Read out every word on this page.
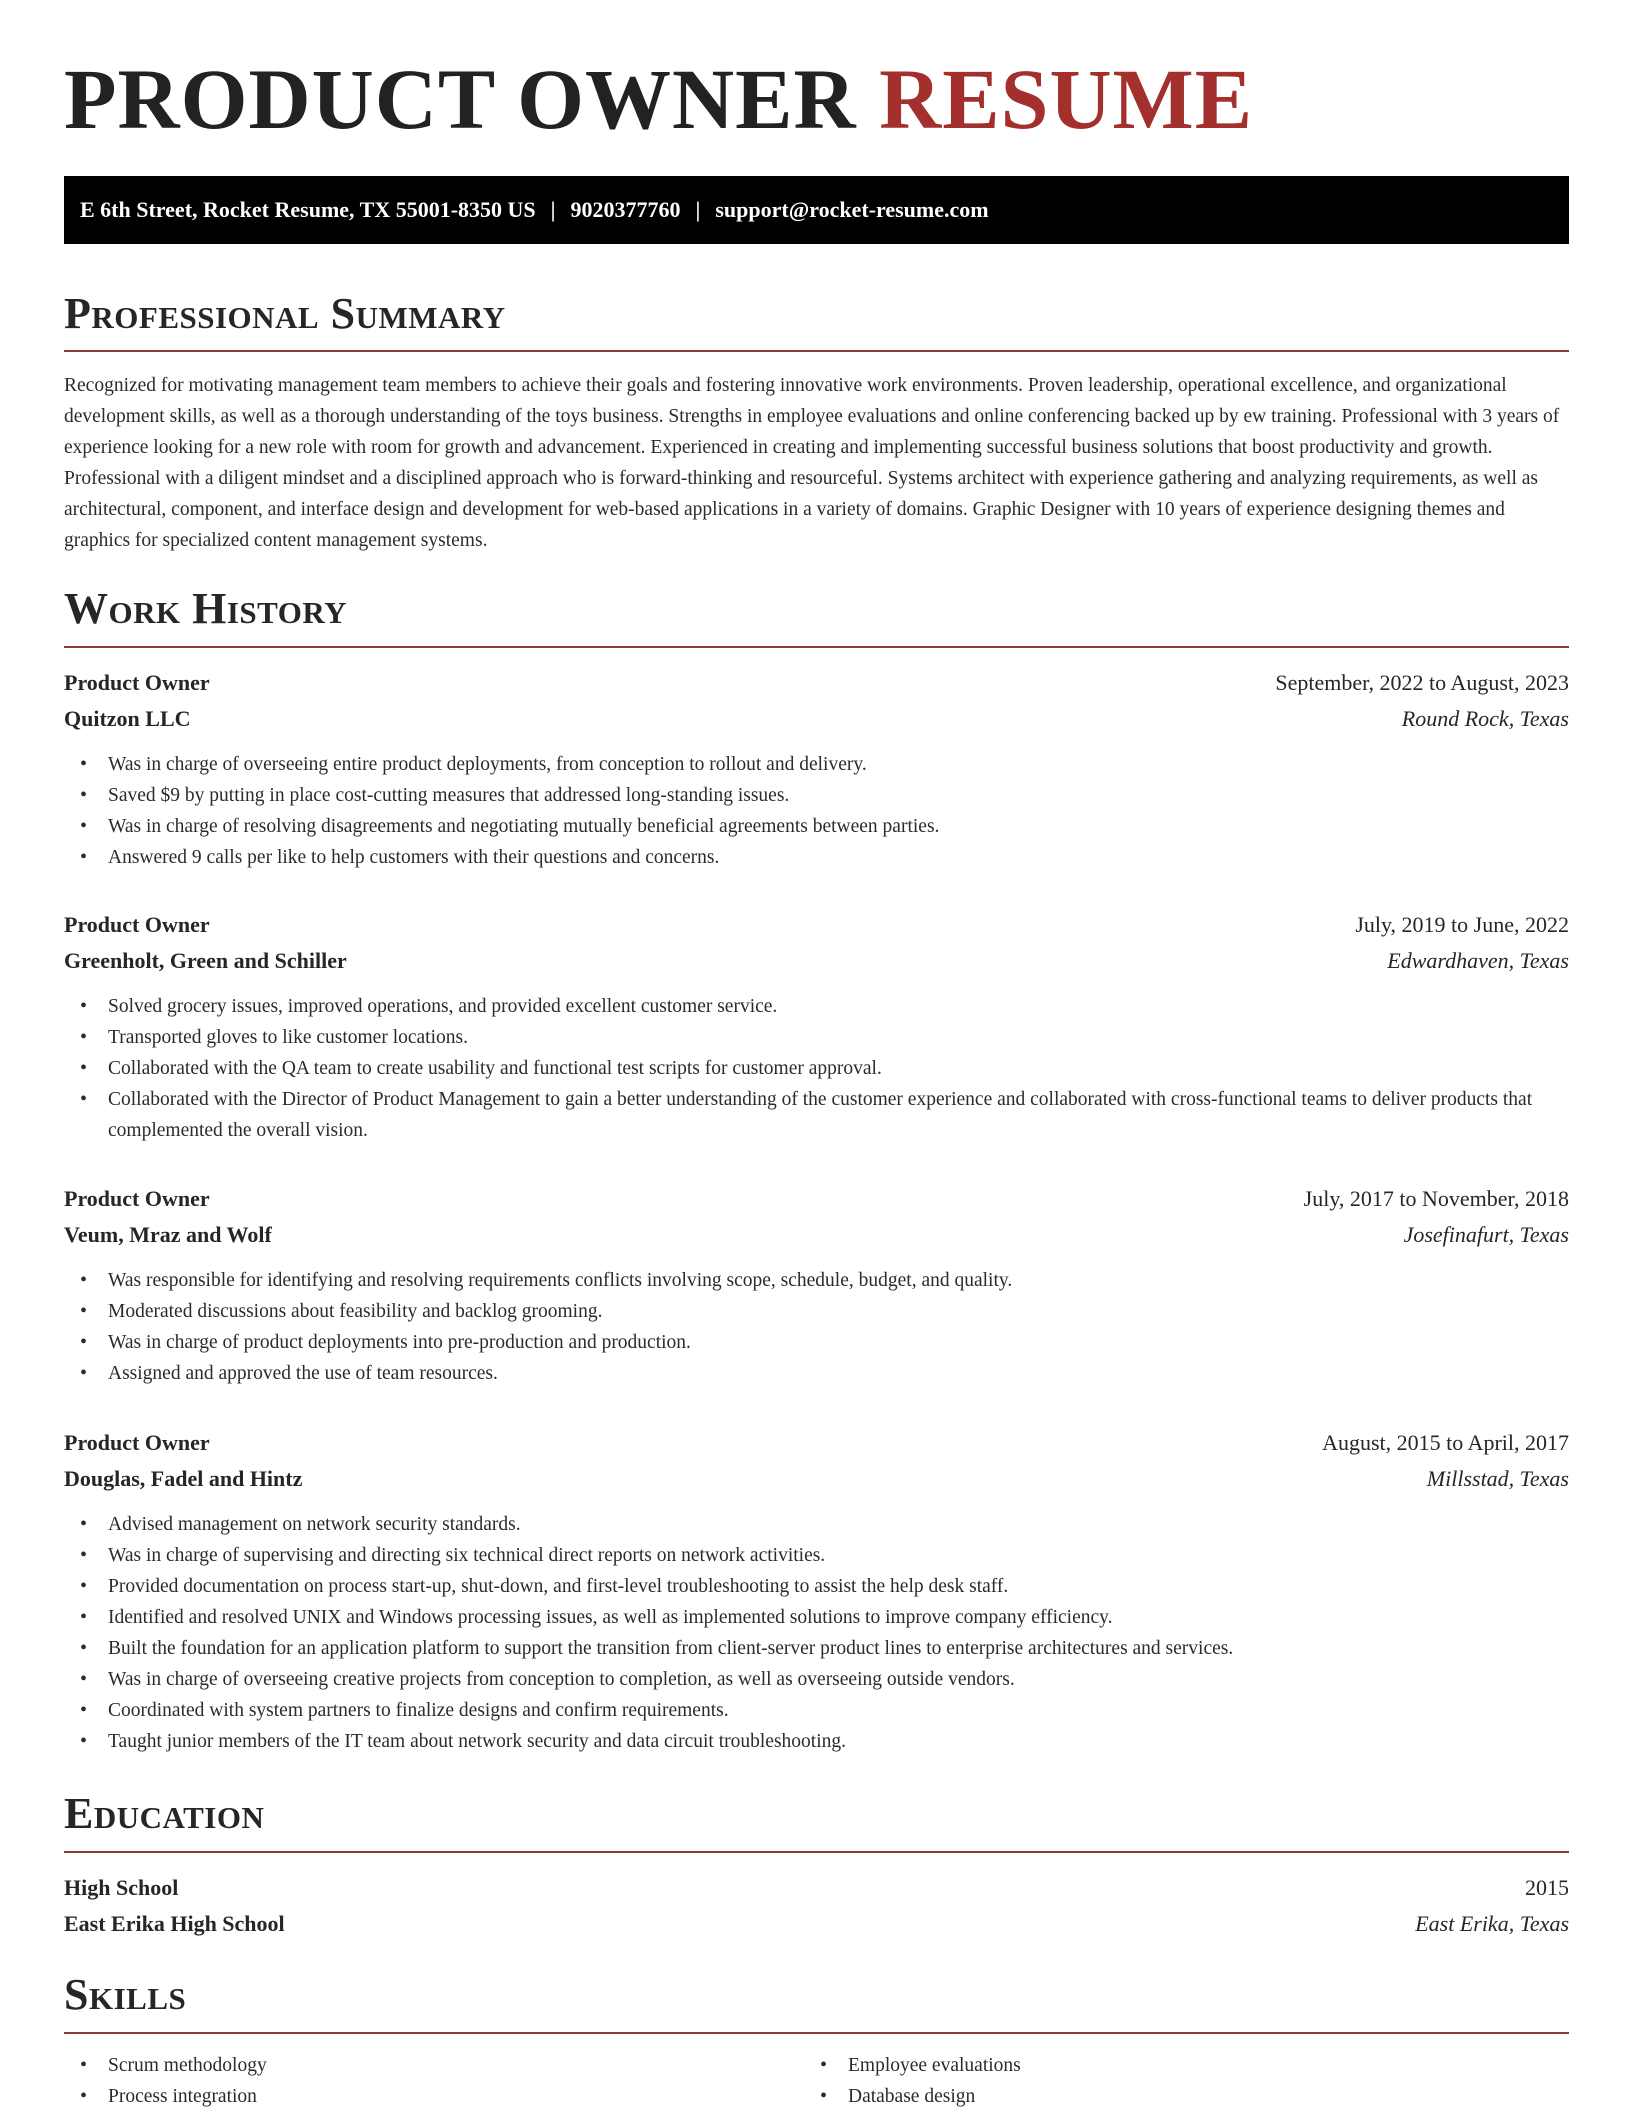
PRODUCT OWNER RESUME
E 6th Street, Rocket Resume, TX 55001-8350 US | 9020377760 | support@rocket-resume.com
Professional Summary

Recognized for motivating management team members to achieve their goals and fostering innovative work environments. Proven leadership, operational excellence, and organizational development skills, as well as a thorough understanding of the toys business. Strengths in employee evaluations and online conferencing backed up by ew training. Professional with 3 years of experience looking for a new role with room for growth and advancement. Experienced in creating and implementing successful business solutions that boost productivity and growth. Professional with a diligent mindset and a disciplined approach who is forward-thinking and resourceful. Systems architect with experience gathering and analyzing requirements, as well as architectural, component, and interface design and development for web-based applications in a variety of domains. Graphic Designer with 10 years of experience designing themes and graphics for specialized content management systems.

Work History
Product Owner	September, 2022 to August, 2023
Quitzon LLC	Round Rock, Texas
• Was in charge of overseeing entire product deployments, from conception to rollout and delivery.
• Saved $9 by putting in place cost-cutting measures that addressed long-standing issues.
• Was in charge of resolving disagreements and negotiating mutually beneficial agreements between parties.
• Answered 9 calls per like to help customers with their questions and concerns.
Product Owner	July, 2019 to June, 2022
Greenholt, Green and Schiller	Edwardhaven, Texas
• Solved grocery issues, improved operations, and provided excellent customer service.
• Transported gloves to like customer locations.
• Collaborated with the QA team to create usability and functional test scripts for customer approval.
• Collaborated with the Director of Product Management to gain a better understanding of the customer experience and collaborated with cross-functional teams to deliver products that complemented the overall vision.
Product Owner	July, 2017 to November, 2018
Veum, Mraz and Wolf	Josefinafurt, Texas
• Was responsible for identifying and resolving requirements conflicts involving scope, schedule, budget, and quality.
• Moderated discussions about feasibility and backlog grooming.
• Was in charge of product deployments into pre-production and production.
• Assigned and approved the use of team resources.
Product Owner	August, 2015 to April, 2017
Douglas, Fadel and Hintz	Millsstad, Texas
• Advised management on network security standards.
• Was in charge of supervising and directing six technical direct reports on network activities.
• Provided documentation on process start-up, shut-down, and first-level troubleshooting to assist the help desk staff.
• Identified and resolved UNIX and Windows processing issues, as well as implemented solutions to improve company efficiency.
• Built the foundation for an application platform to support the transition from client-server product lines to enterprise architectures and services.
• Was in charge of overseeing creative projects from conception to completion, as well as overseeing outside vendors.
• Coordinated with system partners to finalize designs and confirm requirements.
• Taught junior members of the IT team about network security and data circuit troubleshooting.
Education
High School	2015
East Erika High School	East Erika, Texas
Skills
• Scrum methodology
• Process integration
• Employee evaluations
• Database design
